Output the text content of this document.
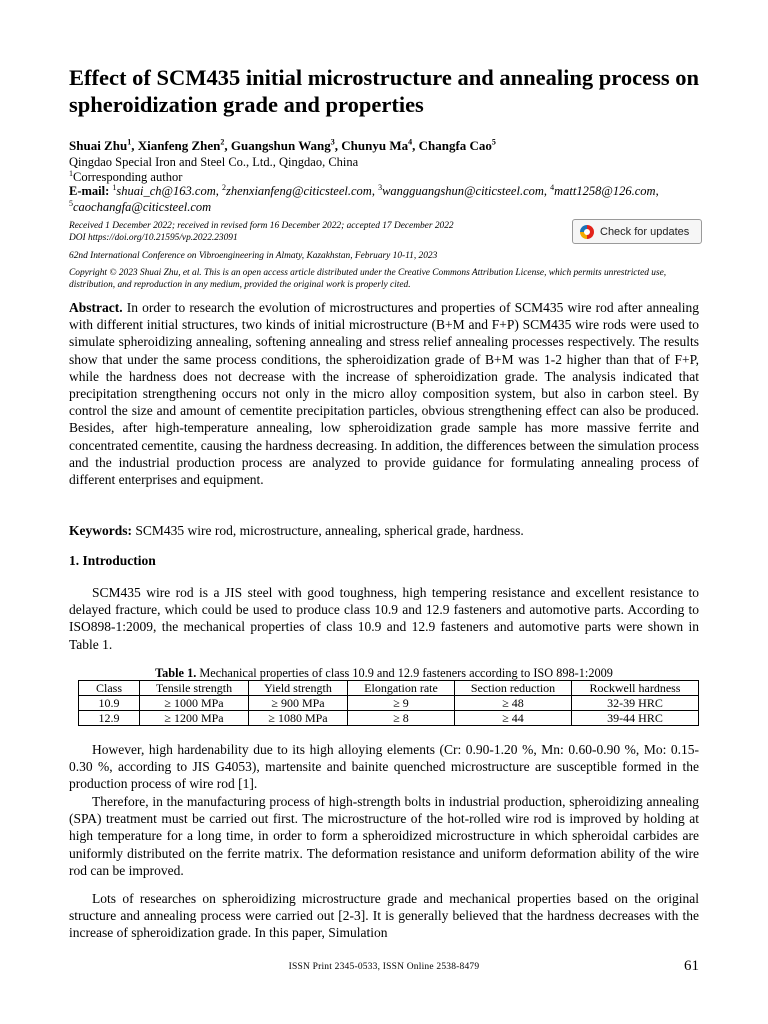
Effect of SCM435 initial microstructure and annealing process on spheroidization grade and properties
Shuai Zhu$^1$, Xianfeng Zhen$^2$, Guangshun Wang$^3$, Chunyu Ma$^4$, Changfa Cao$^5$
Qingdao Special Iron and Steel Co., Ltd., Qingdao, China
$^1$Corresponding author
E-mail: $^1$shuai_ch@163.com, $^2$zhenxianfeng@citicsteel.com, $^3$wangguangshun@citicsteel.com, $^4$matt1258@126.com, $^5$caochangfa@citicsteel.com
Received 1 December 2022; received in revised form 16 December 2022; accepted 17 December 2022
DOI https://doi.org/10.21595/vp.2022.23091
Check for updates
62nd International Conference on Vibroengineering in Almaty, Kazakhstan, February 10-11, 2023
Copyright © 2023 Shuai Zhu, et al. This is an open access article distributed under the Creative Commons Attribution License, which permits unrestricted use, distribution, and reproduction in any medium, provided the original work is properly cited.
Abstract. In order to research the evolution of microstructures and properties of SCM435 wire rod after annealing with different initial structures, two kinds of initial microstructure (B+M and F+P) SCM435 wire rods were used to simulate spheroidizing annealing, softening annealing and stress relief annealing processes respectively. The results show that under the same process conditions, the spheroidization grade of B+M was 1-2 higher than that of F+P, while the hardness does not decrease with the increase of spheroidization grade. The analysis indicated that precipitation strengthening occurs not only in the micro alloy composition system, but also in carbon steel. By control the size and amount of cementite precipitation particles, obvious strengthening effect can also be produced. Besides, after high-temperature annealing, low spheroidization grade sample has more massive ferrite and concentrated cementite, causing the hardness decreasing. In addition, the differences between the simulation process and the industrial production process are analyzed to provide guidance for formulating annealing process of different enterprises and equipment.
Keywords: SCM435 wire rod, microstructure, annealing, spherical grade, hardness.
1. Introduction
SCM435 wire rod is a JIS steel with good toughness, high tempering resistance and excellent resistance to delayed fracture, which could be used to produce class 10.9 and 12.9 fasteners and automotive parts. According to ISO898-1:2009, the mechanical properties of class 10.9 and 12.9 fasteners and automotive parts were shown in Table 1.
Table 1. Mechanical properties of class 10.9 and 12.9 fasteners according to ISO 898-1:2009
Class	Tensile strength	Yield strength	Elongation rate	Section reduction	Rockwell hardness
10.9	≥ 1000 MPa	≥ 900 MPa	≥ 9	≥ 48	32-39 HRC
12.9	≥ 1200 MPa	≥ 1080 MPa	≥ 8	≥ 44	39-44 HRC
However, high hardenability due to its high alloying elements (Cr: 0.90-1.20 %, Mn: 0.60-0.90 %, Mo: 0.15-0.30 %, according to JIS G4053), martensite and bainite quenched microstructure are susceptible formed in the production process of wire rod [1].
Therefore, in the manufacturing process of high-strength bolts in industrial production, spheroidizing annealing (SPA) treatment must be carried out first. The microstructure of the hot-rolled wire rod is improved by holding at high temperature for a long time, in order to form a spheroidized microstructure in which spheroidal carbides are uniformly distributed on the ferrite matrix. The deformation resistance and uniform deformation ability of the wire rod can be improved.
Lots of researches on spheroidizing microstructure grade and mechanical properties based on the original structure and annealing process were carried out [2-3]. It is generally believed that the hardness decreases with the increase of spheroidization grade. In this paper, Simulation
ISSN Print 2345-0533, ISSN Online 2538-8479	61
